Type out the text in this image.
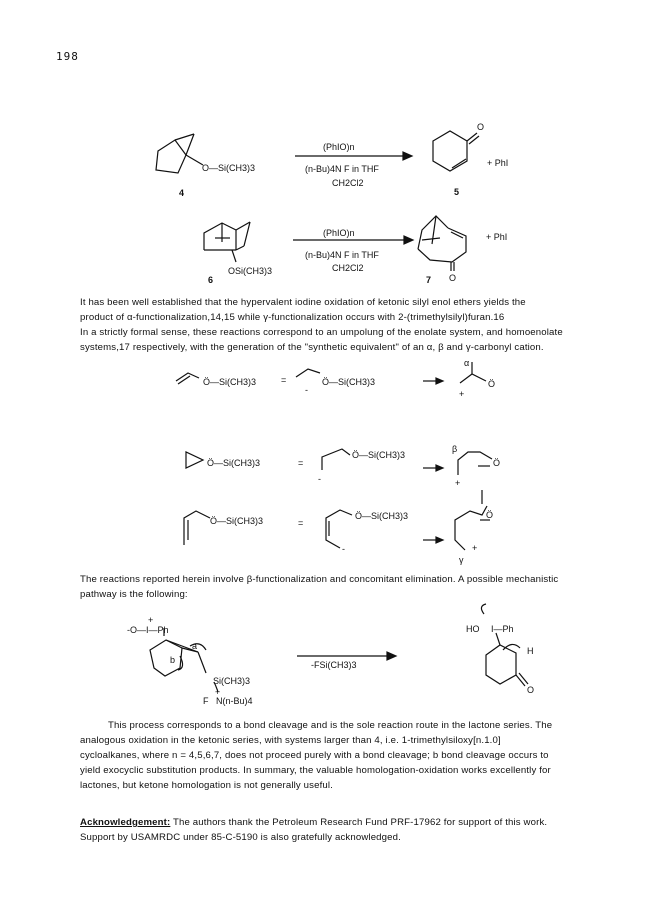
198
O—Si(CH3)3
4
(PhIO)n
(n-Bu)4N F in THF
CH2Cl2
O
+ PhI
5
OSi(CH3)3
6
(PhIO)n
(n-Bu)4N F in THF
CH2Cl2
+ PhI
7 O
It has been well established that the hypervalent iodine oxidation of ketonic silyl enol ethers yields the
product of α-functionalization,14,15 while γ-functionalization occurs with 2-(trimethylsilyl)furan.16
In a strictly formal sense, these reactions correspond to an umpolung of the enolate system, and homoenolate
systems,17 respectively, with the generation of the "synthetic equivalent" of an α, β and γ-carbonyl cation.
Ö—Si(CH3)3	=	Ö—Si(CH3)3
-
α
Ö
+
Ö—Si(CH3)3	=
Ö—Si(CH3)3
-
β
Ö
+
Ö—Si(CH3)3	=
Ö—Si(CH3)3
-
Ö
+
γ
The reactions reported herein involve β-functionalization and concomitant elimination. A possible mechanistic
pathway is the following:
-O—I—Ph
+
a
b
Si(CH3)3
F N(n-Bu)4
+
-FSi(CH3)3
HO I—Ph
H
O
This process corresponds to a bond cleavage and is the sole reaction route in the lactone series. The
analogous oxidation in the ketonic series, with systems larger than 4, i.e. 1-trimethylsiloxy[n.1.0]
cycloalkanes, where n = 4,5,6,7, does not proceed purely with a bond cleavage; b bond cleavage occurs to
yield exocyclic substitution products. In summary, the valuable homologation-oxidation works excellently for
lactones, but ketone homologation is not generally useful.
Acknowledgement: The authors thank the Petroleum Research Fund PRF-17962 for support of this work.
Support by USAMRDC under 85-C-5190 is also gratefully acknowledged.
